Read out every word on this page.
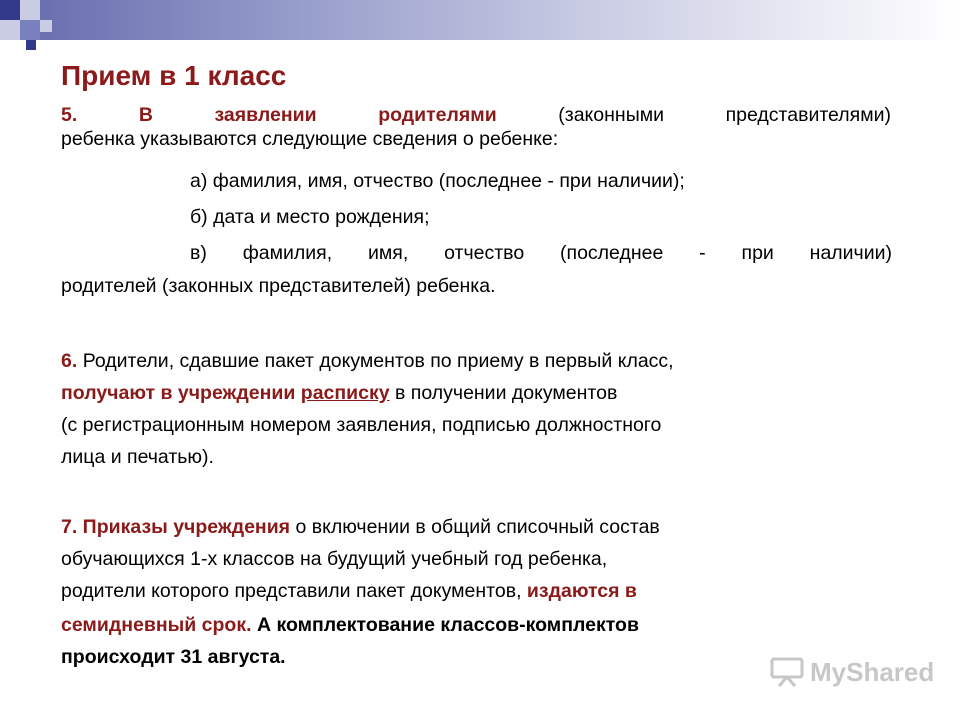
Прием в 1 класс
5. В заявлении родителями	(законными представителями)
ребенка указываются следующие сведения о ребенке:
а) фамилия, имя, отчество (последнее - при наличии);
б) дата и место рождения;
в) фамилия, имя, отчество (последнее - при наличии)
родителей (законных представителей) ребенка.
6. Родители, сдавшие пакет документов по приему в первый класс,
получают в учреждении расписку в получении документов
(с регистрационным номером заявления, подписью должностного
лица и печатью).
7. Приказы учреждения о включении в общий списочный состав
обучающихся 1-х классов на будущий учебный год ребенка,
родители которого представили пакет документов, издаются в
семидневный срок. А комплектование классов-комплектов
происходит 31 августа.	MyShared
